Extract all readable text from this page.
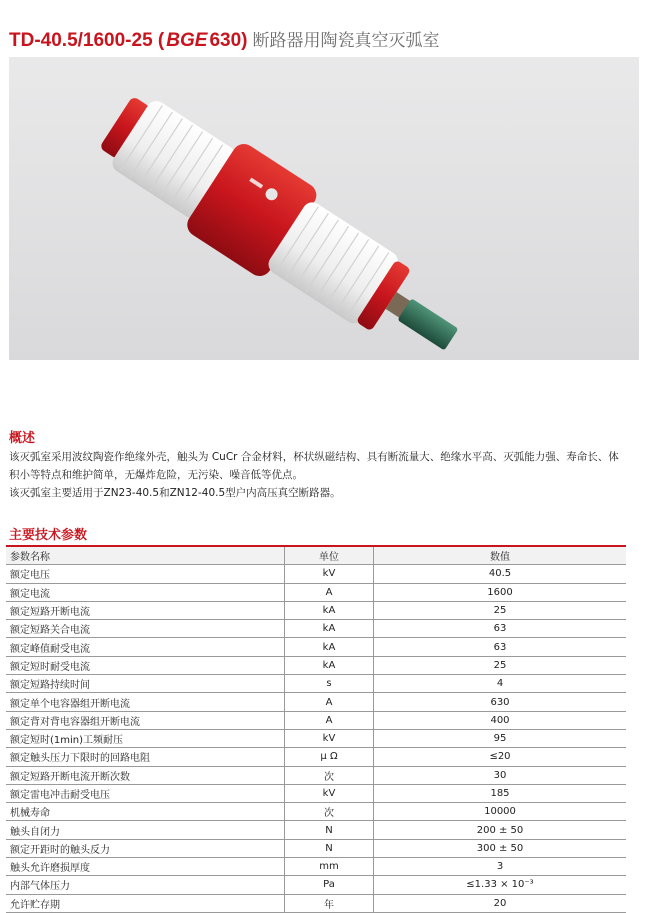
TD-40.5/1600-25 ( BGE 630) 断路器用陶瓷真空灭弧室
概述
该灭弧室采用波纹陶瓷作绝缘外壳，触头为 CuCr 合金材料，杯状纵磁结构、具有断流量大、绝缘水平高、灭弧能力强、寿命长、体
积小等特点和维护简单，无爆炸危险，无污染、噪音低等优点。
该灭弧室主要适用于ZN23-40.5和ZN12-40.5型户内高压真空断路器。
主要技术参数
参数名称	单位	数值
额定电压	kV	40.5
额定电流	A	1600
额定短路开断电流	kA	25
额定短路关合电流	kA	63
额定峰值耐受电流	kA	63
额定短时耐受电流	kA	25
额定短路持续时间	s	4
额定单个电容器组开断电流	A	630
额定背对背电容器组开断电流	A	400
额定短时(1min)工频耐压	kV	95
额定触头压力下限时的回路电阻	μ Ω	≤20
额定短路开断电流开断次数	次	30
额定雷电冲击耐受电压	kV	185
机械寿命	次	10000
触头自闭力	N	200 ± 50
额定开距时的触头反力	N	300 ± 50
触头允许磨损厚度	mm	3
内部气体压力	Pa	≤1.33 × 10⁻³
允许贮存期	年	20
